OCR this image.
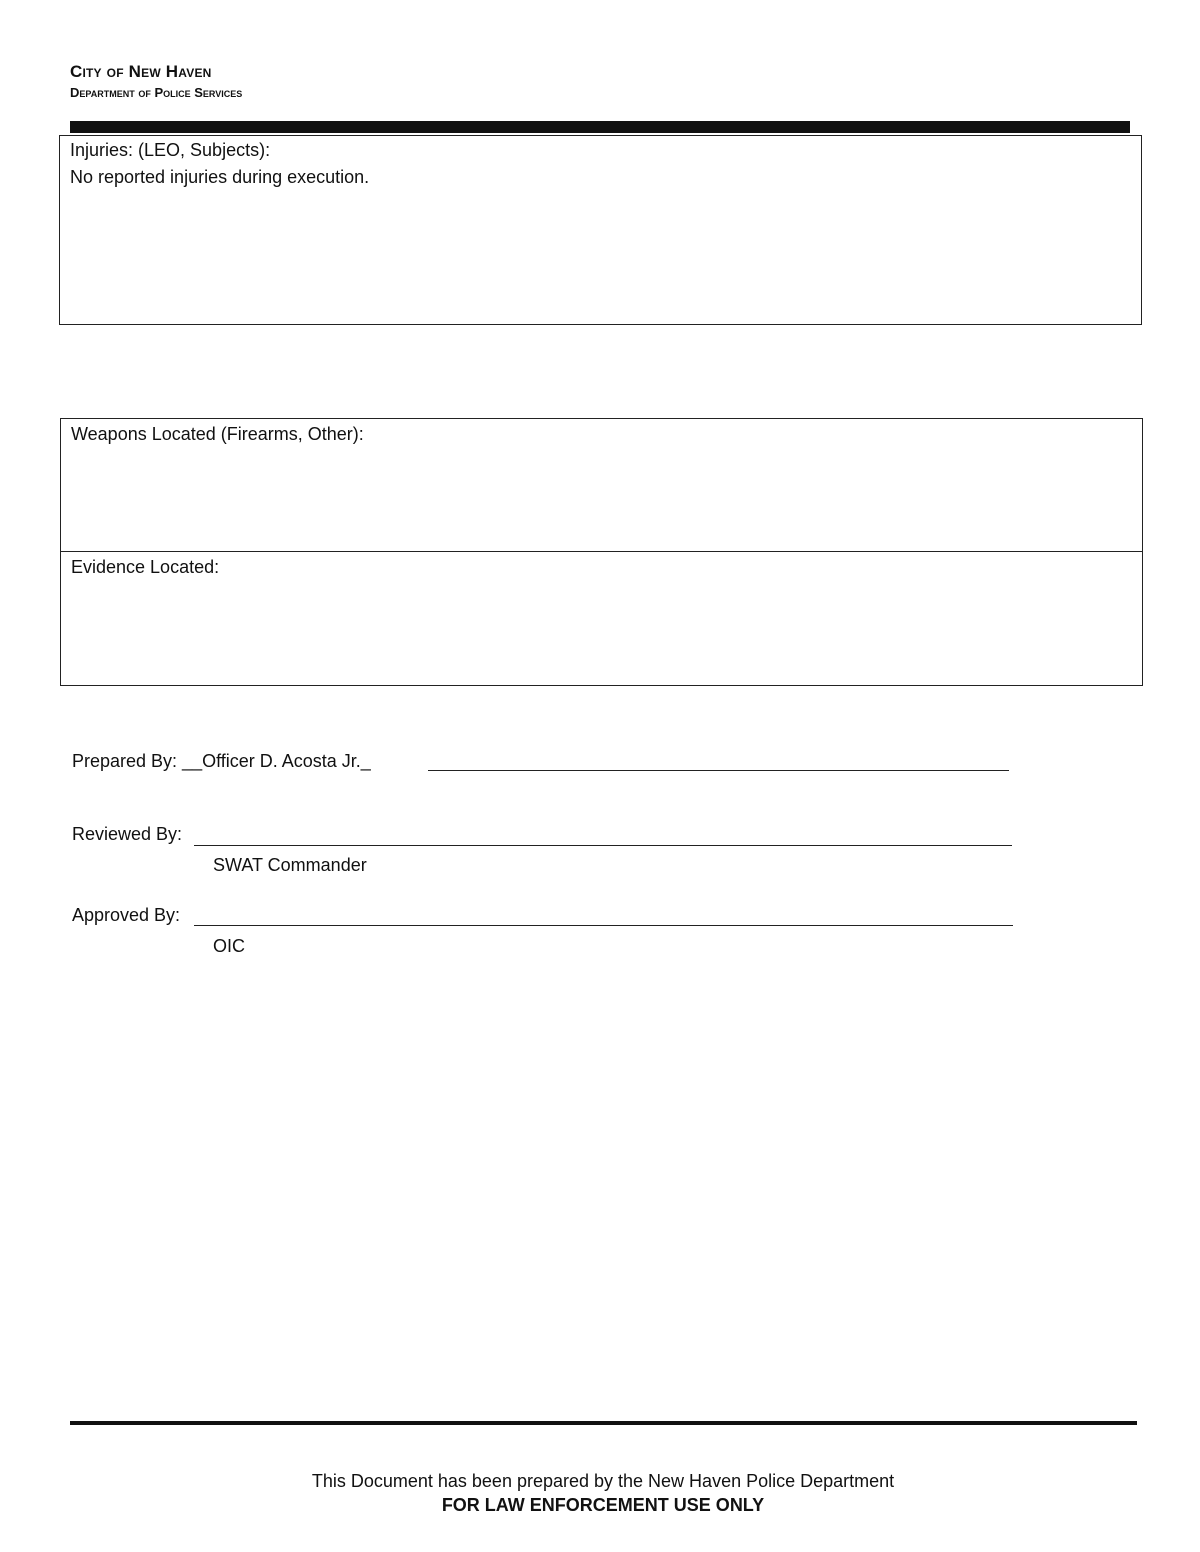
City of New Haven
Department of Police Services
Injuries: (LEO, Subjects):
No reported injuries during execution.
Weapons Located (Firearms, Other):
Evidence Located:
Prepared By: __Officer D. Acosta Jr._
Reviewed By:
SWAT Commander
Approved By:
OIC
This Document has been prepared by the New Haven Police Department
FOR LAW ENFORCEMENT USE ONLY
